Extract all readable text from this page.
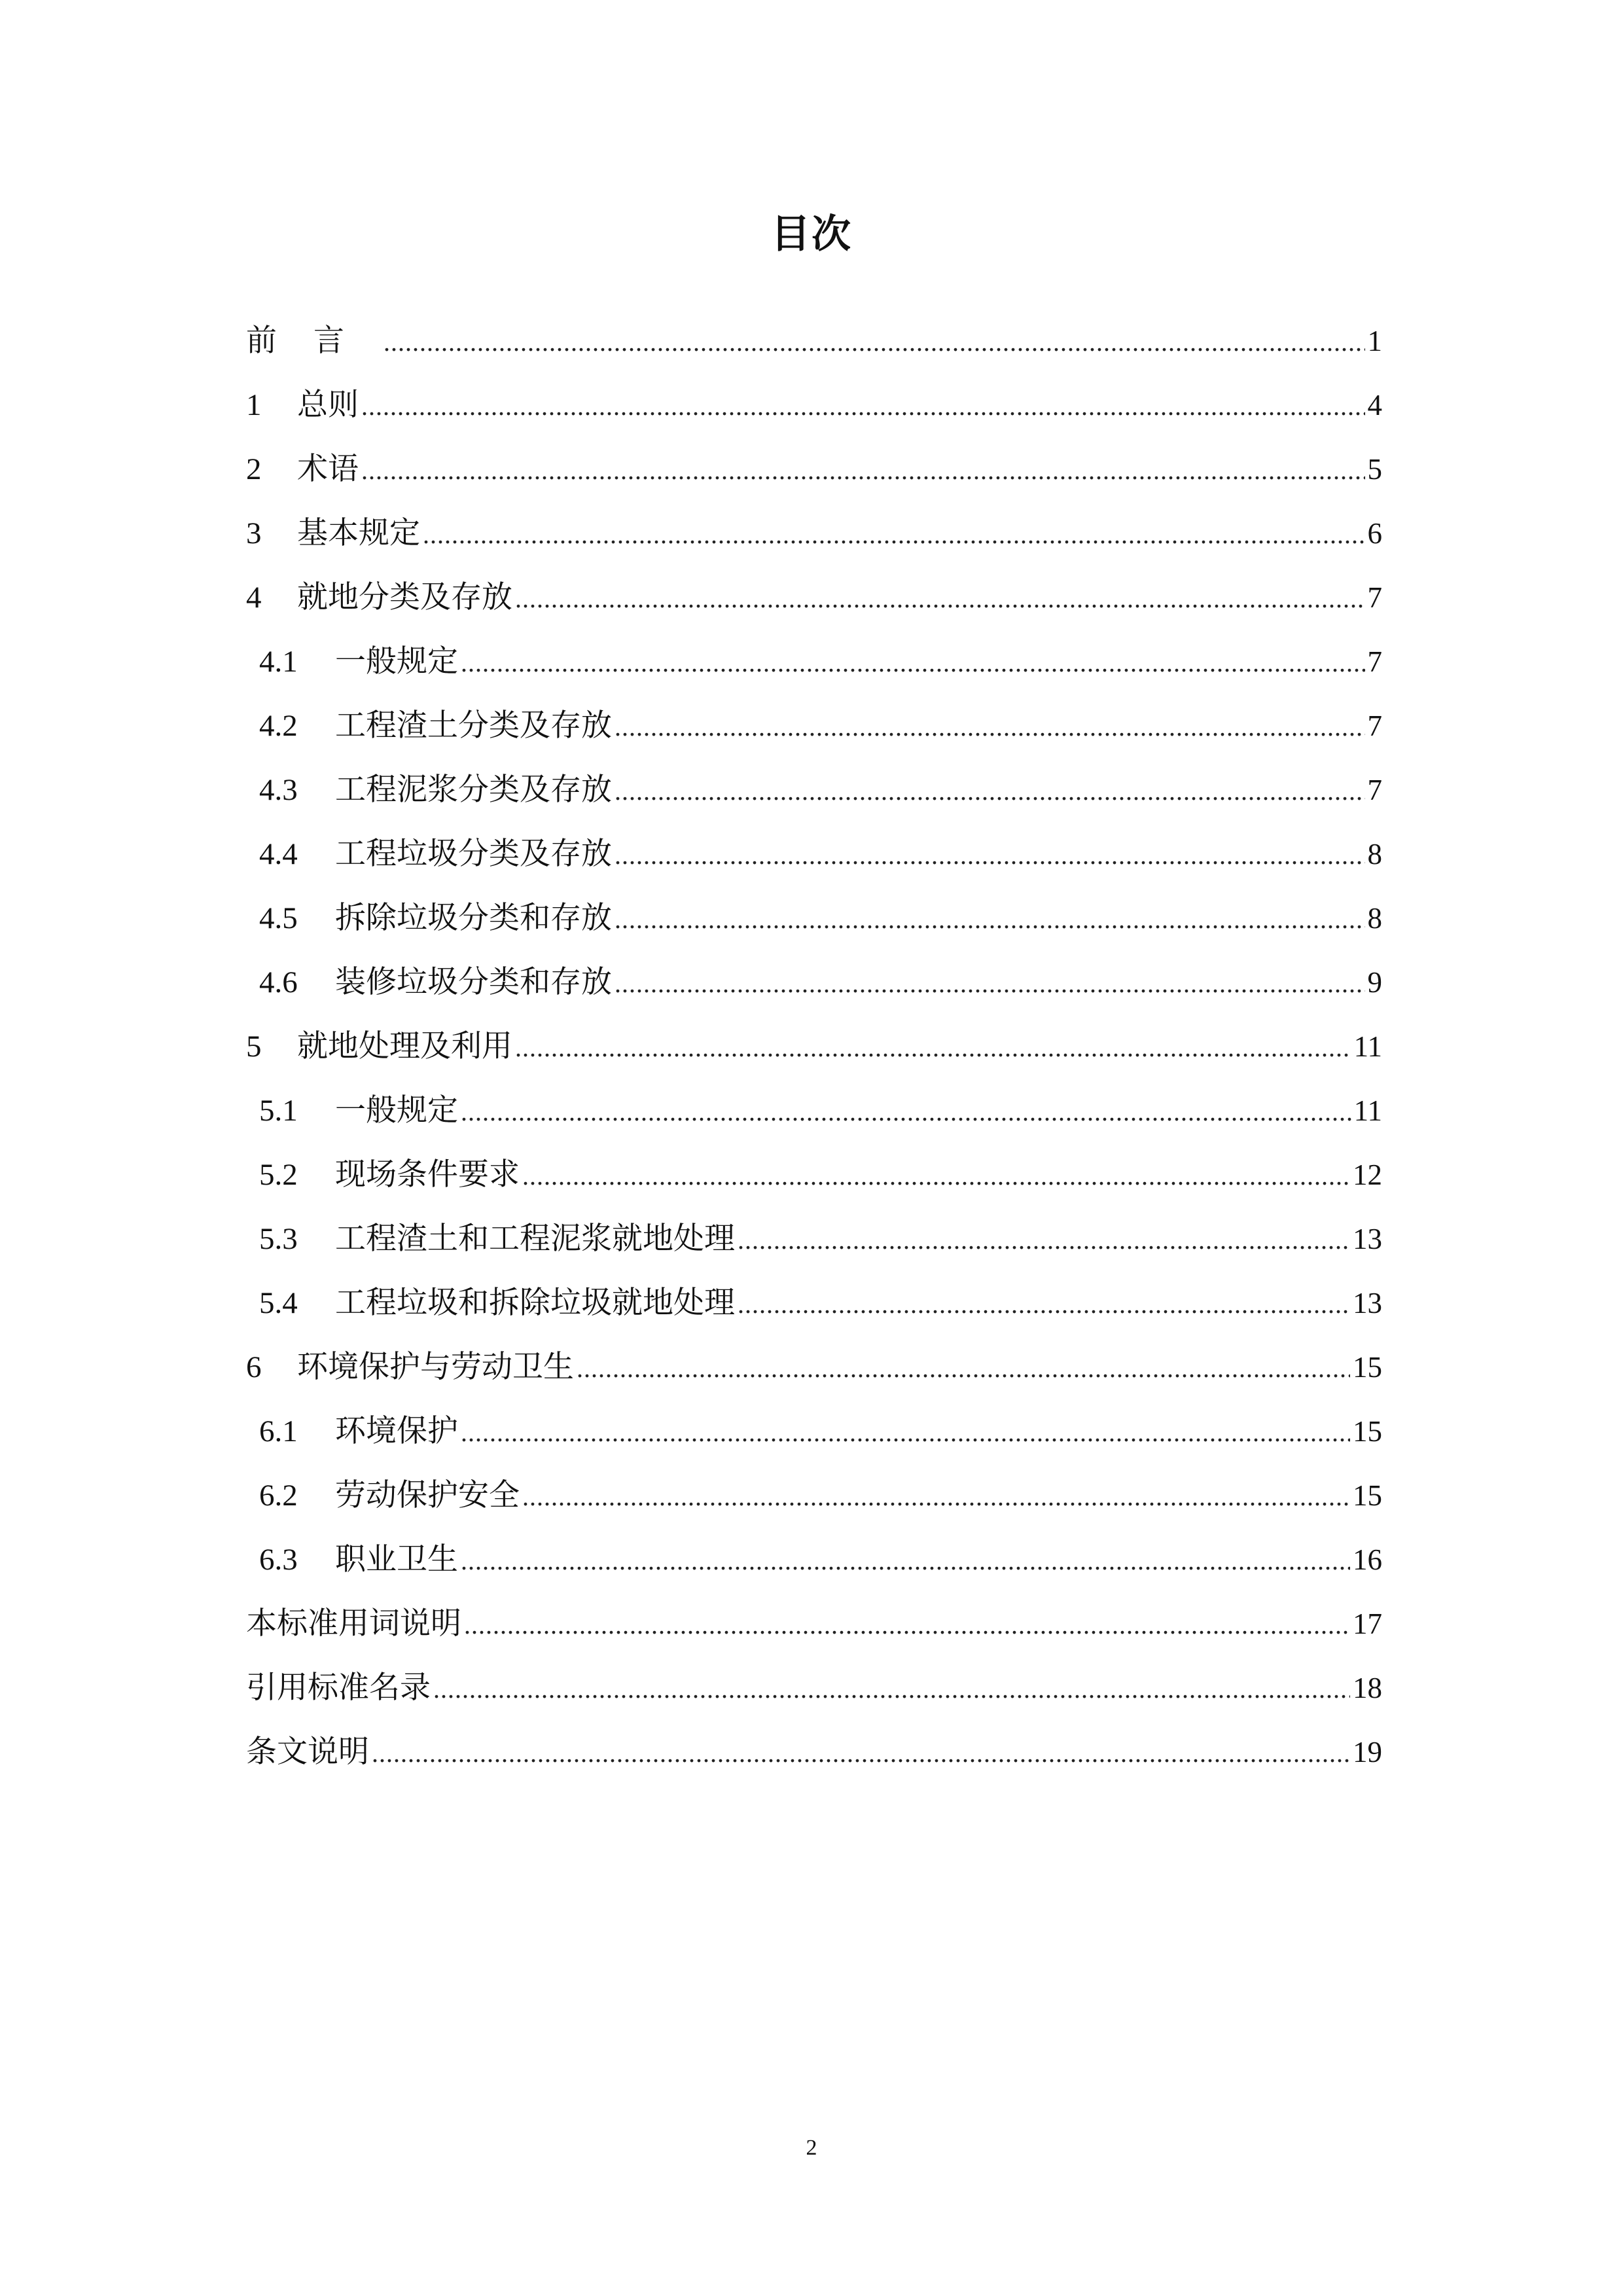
目次
前言 .....	1
1	总则 .....	4
2	术语 .....	5
3	基本规定 .....	6
4	就地分类及存放 .....	7
4.1	一般规定 .....	7
4.2	工程渣土分类及存放 .....	7
4.3	工程泥浆分类及存放 .....	7
4.4	工程垃圾分类及存放 .....	8
4.5	拆除垃圾分类和存放 .....	8
4.6	装修垃圾分类和存放 .....	9
5	就地处理及利用 .....	11
5.1	一般规定 .....	11
5.2	现场条件要求 .....	12
5.3	工程渣土和工程泥浆就地处理 .....	13
5.4	工程垃圾和拆除垃圾就地处理 .....	13
6	环境保护与劳动卫生 .....	15
6.1	环境保护 .....	15
6.2	劳动保护安全 .....	15
6.3	职业卫生 .....	16
本标准用词说明 .....	17
引用标准名录 .....	18
条文说明 .....	19
2
